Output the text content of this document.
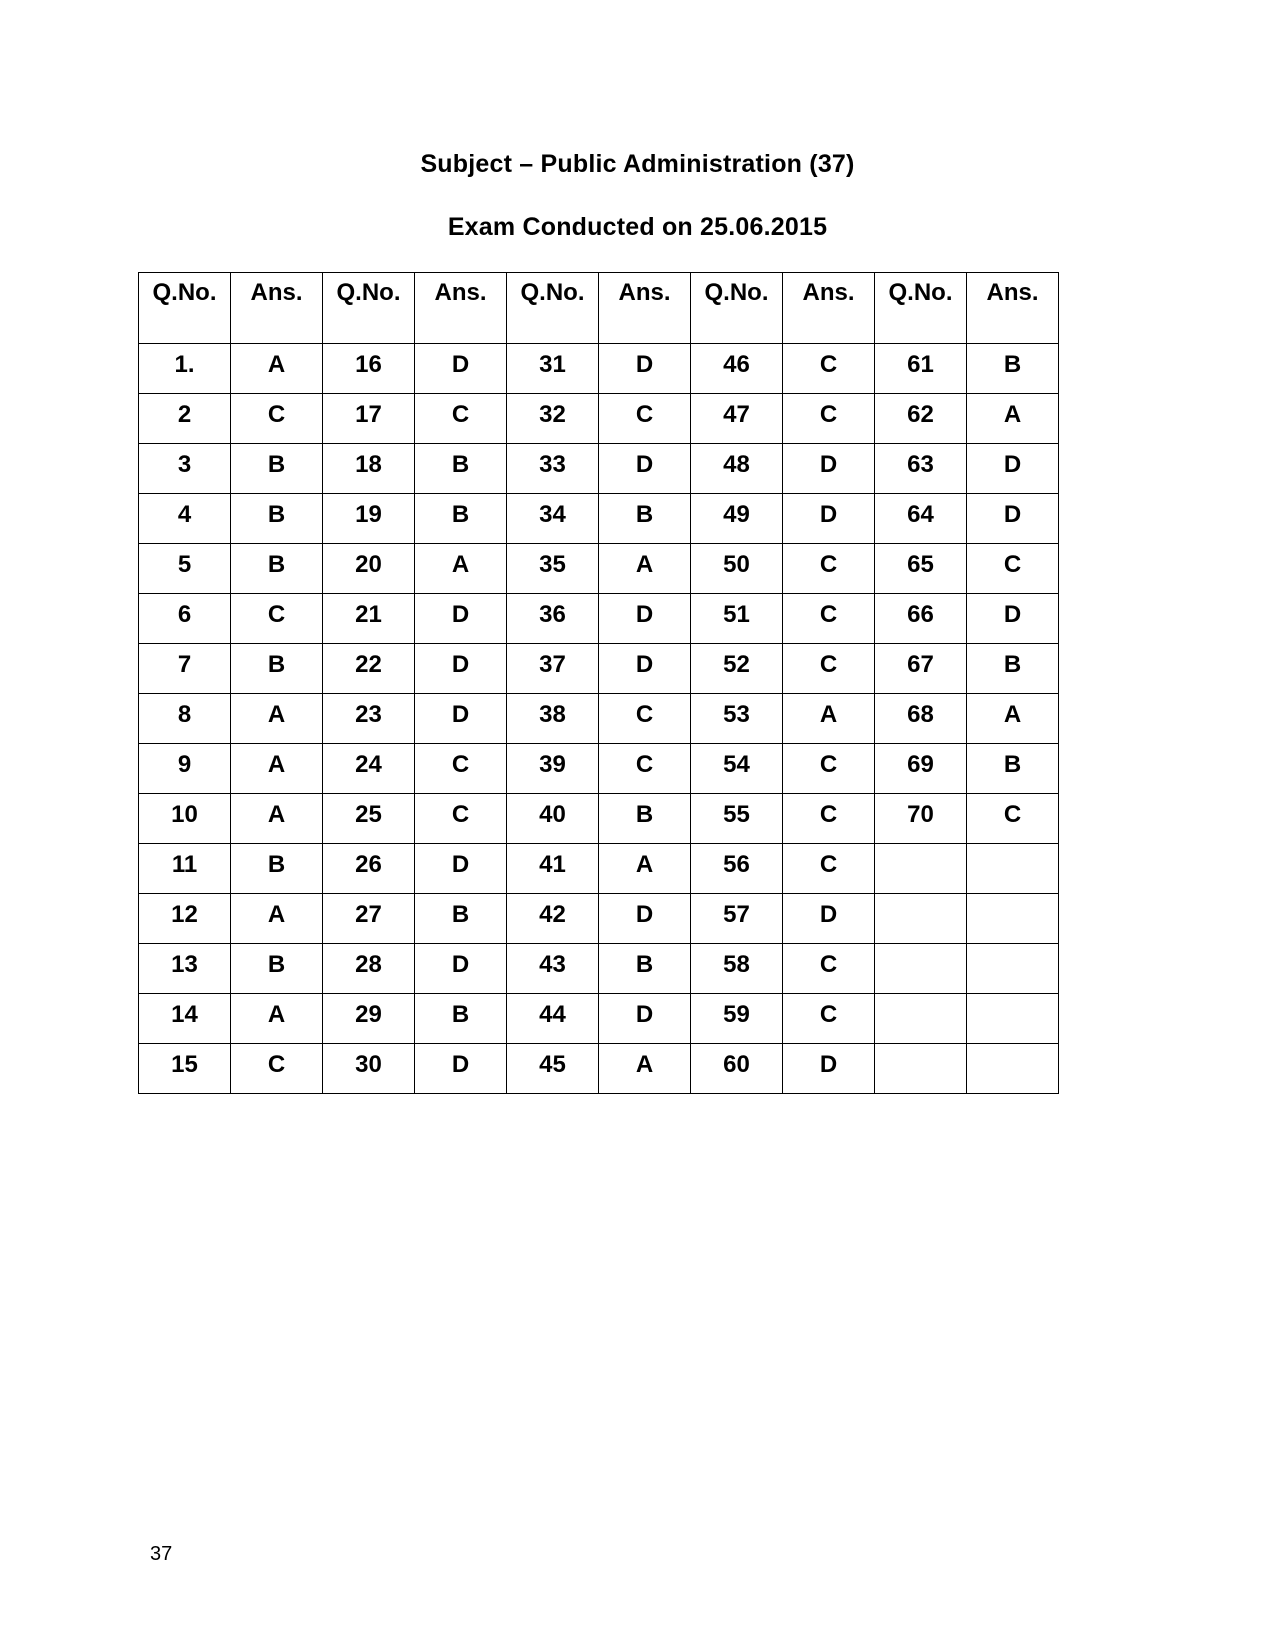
Subject – Public Administration (37)
Exam Conducted on 25.06.2015
Q.No.	Ans.	Q.No.	Ans.	Q.No.	Ans.	Q.No.	Ans.	Q.No.	Ans.
1.	A	16	D	31	D	46	C	61	B
2	C	17	C	32	C	47	C	62	A
3	B	18	B	33	D	48	D	63	D
4	B	19	B	34	B	49	D	64	D
5	B	20	A	35	A	50	C	65	C
6	C	21	D	36	D	51	C	66	D
7	B	22	D	37	D	52	C	67	B
8	A	23	D	38	C	53	A	68	A
9	A	24	C	39	C	54	C	69	B
10	A	25	C	40	B	55	C	70	C
11	B	26	D	41	A	56	C		
12	A	27	B	42	D	57	D		
13	B	28	D	43	B	58	C		
14	A	29	B	44	D	59	C		
15	C	30	D	45	A	60	D		
37
